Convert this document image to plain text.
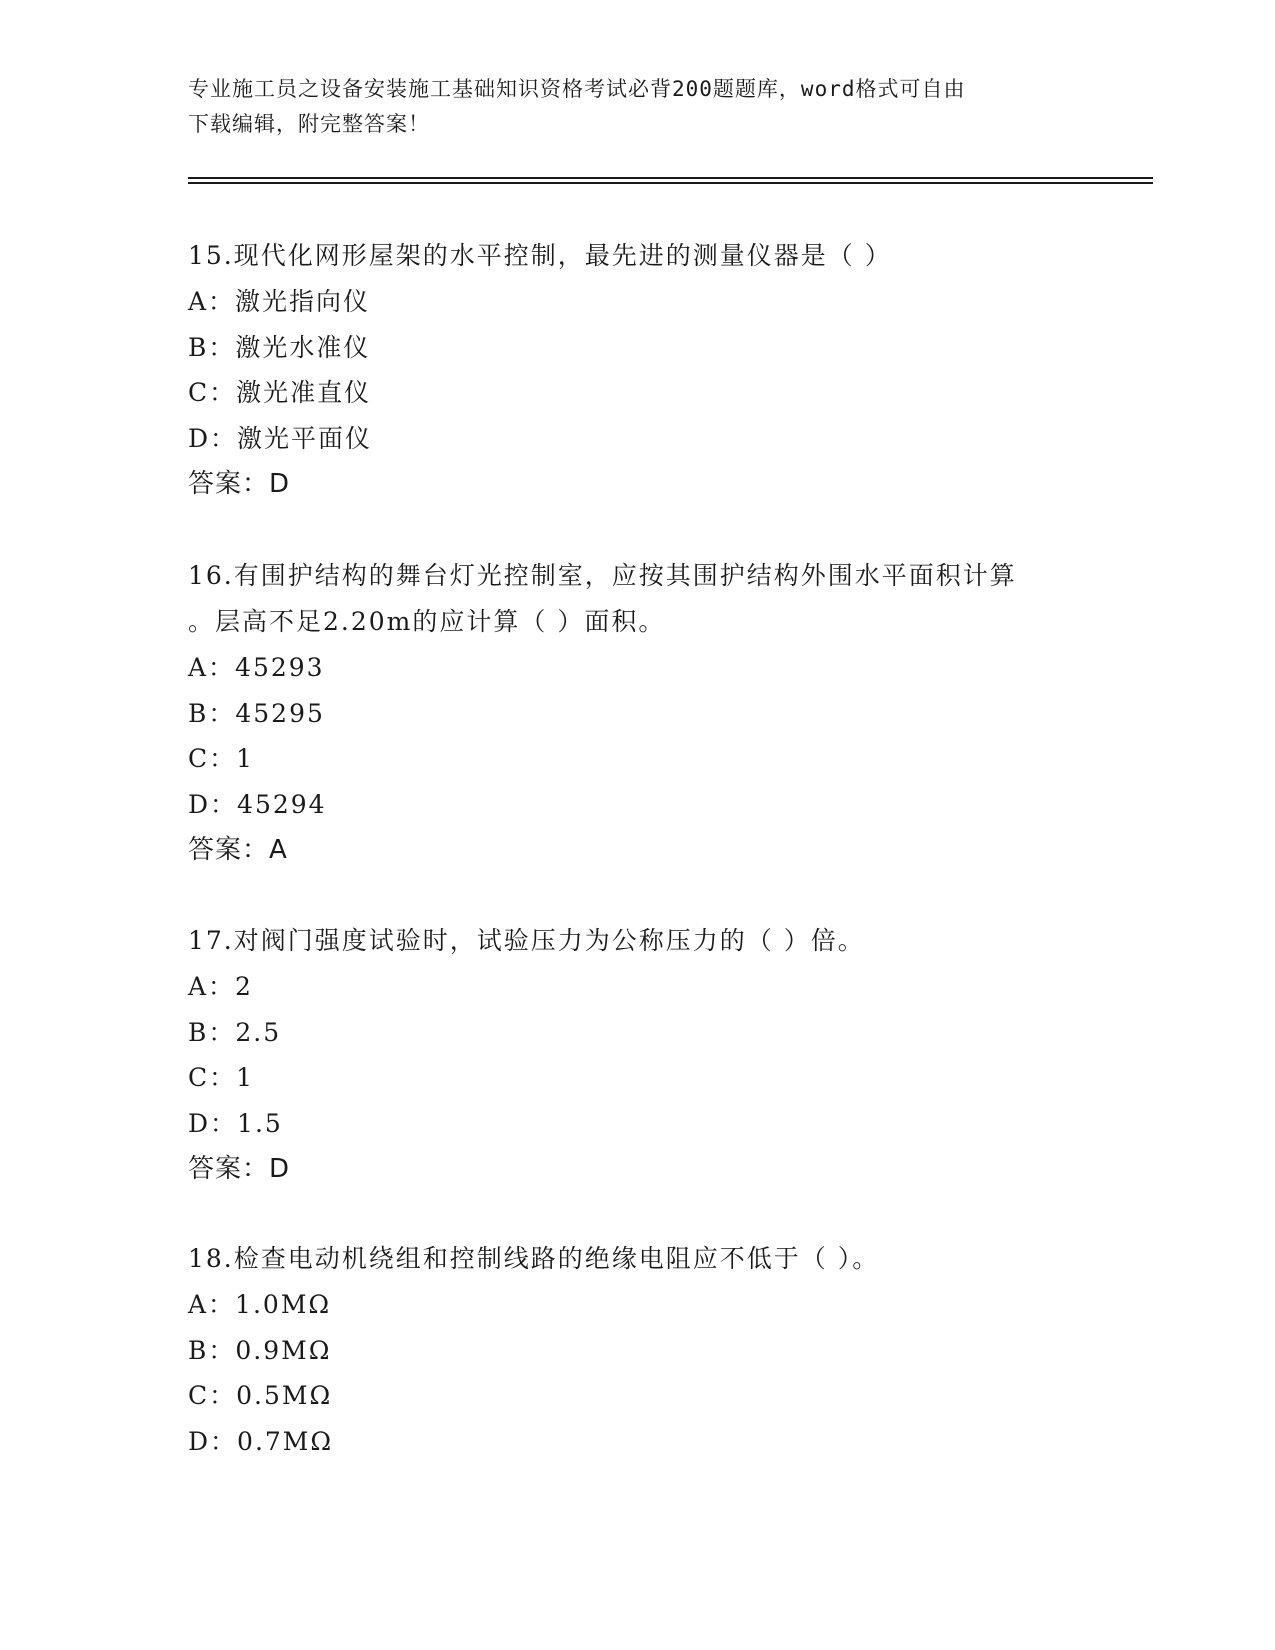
专业施工员之设备安装施工基础知识资格考试必背200题题库，word格式可自由
下载编辑，附完整答案！

15.现代化网形屋架的水平控制，最先进的测量仪器是（ ）

A：激光指向仪

B：激光水准仪

C：激光准直仪

D：激光平面仪

答案：D

16.有围护结构的舞台灯光控制室，应按其围护结构外围水平面积计算

。层高不足2.20m的应计算（ ）面积。

A：45293

B：45295

C：1

D：45294

答案：A

17.对阀门强度试验时，试验压力为公称压力的（ ）倍。

A：2

B：2.5

C：1

D：1.5

答案：D

18.检查电动机绕组和控制线路的绝缘电阻应不低于（ ）。

A：1.0MΩ

B：0.9MΩ

C：0.5MΩ

D：0.7MΩ
